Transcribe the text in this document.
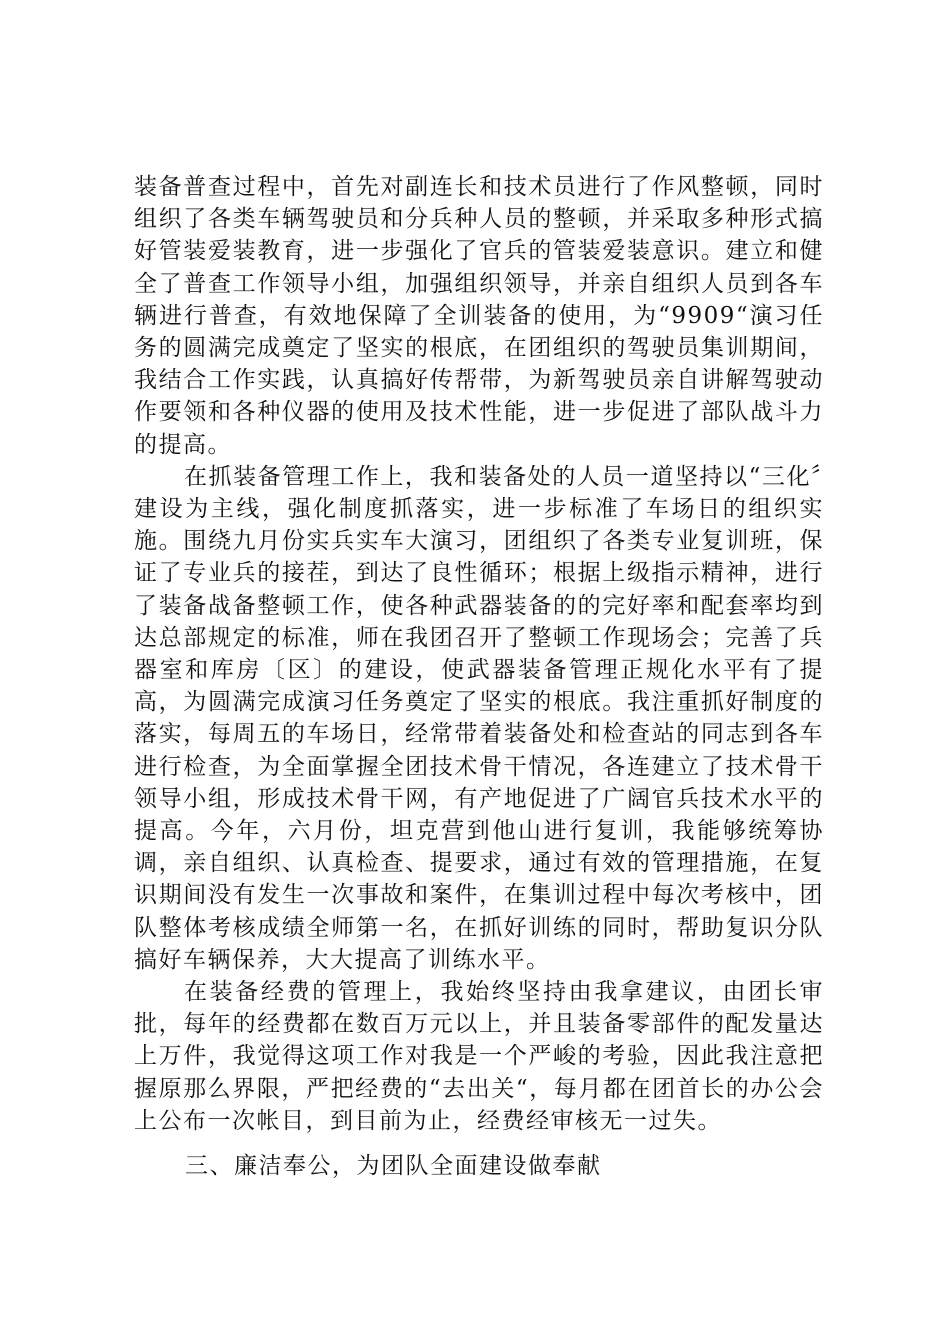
装备普查过程中，首先对副连长和技术员进行了作风整顿，同时组织了各类车辆驾驶员和分兵种人员的整顿，并采取多种形式搞好管装爱装教育，进一步强化了官兵的管装爱装意识。建立和健全了普查工作领导小组，加强组织领导，并亲自组织人员到各车辆进行普查，有效地保障了全训装备的使用，为“9909“演习任务的圆满完成奠定了坚实的根底，在团组织的驾驶员集训期间，我结合工作实践，认真搞好传帮带，为新驾驶员亲自讲解驾驶动作要领和各种仪器的使用及技术性能，进一步促进了部队战斗力的提高。

在抓装备管理工作上，我和装备处的人员一道坚持以“三化〞建设为主线，强化制度抓落实，进一步标准了车场日的组织实施。围绕九月份实兵实车大演习，团组织了各类专业复训班，保证了专业兵的接茬，到达了良性循环；根据上级指示精神，进行了装备战备整顿工作，使各种武器装备的的完好率和配套率均到达总部规定的标准，师在我团召开了整顿工作现场会；完善了兵器室和库房〔区〕的建设，使武器装备管理正规化水平有了提高，为圆满完成演习任务奠定了坚实的根底。我注重抓好制度的落实，每周五的车场日，经常带着装备处和检查站的同志到各车进行检查，为全面掌握全团技术骨干情况，各连建立了技术骨干领导小组，形成技术骨干网，有产地促进了广阔官兵技术水平的提高。今年，六月份，坦克营到他山进行复训，我能够统筹协调，亲自组织、认真检查、提要求，通过有效的管理措施，在复识期间没有发生一次事故和案件，在集训过程中每次考核中，团队整体考核成绩全师第一名，在抓好训练的同时，帮助复识分队搞好车辆保养，大大提高了训练水平。

在装备经费的管理上，我始终坚持由我拿建议，由团长审批，每年的经费都在数百万元以上，并且装备零部件的配发量达上万件，我觉得这项工作对我是一个严峻的考验，因此我注意把握原那么界限，严把经费的“去出关“，每月都在团首长的办公会上公布一次帐目，到目前为止，经费经审核无一过失。

三、廉洁奉公，为团队全面建设做奉献
